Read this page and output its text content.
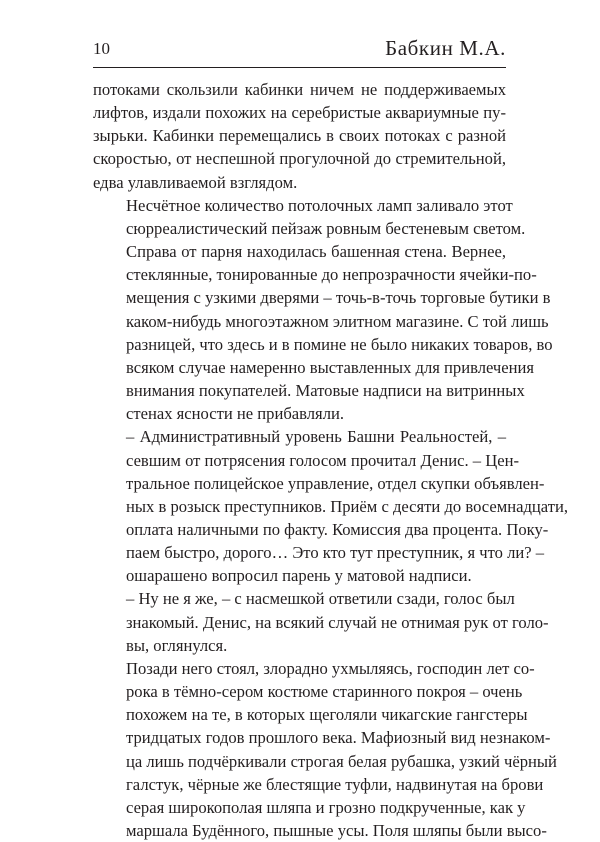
10	Бабкин М.А.

потоками скользили кабинки ничем не поддерживаемых
лифтов, издали похожих на серебристые аквариумные пу-
зырьки. Кабинки перемещались в своих потоках с разной
скоростью, от неспешной прогулочной до стремительной,
едва улавливаемой взглядом.

Несчётное количество потолочных ламп заливало этот
сюрреалистический пейзаж ровным бестеневым светом.

Справа от парня находилась башенная стена. Вернее,
стеклянные, тонированные до непрозрачности ячейки-по-
мещения с узкими дверями – точь-в-точь торговые бутики в
каком-нибудь многоэтажном элитном магазине. С той лишь
разницей, что здесь и в помине не было никаких товаров, во
всяком случае намеренно выставленных для привлечения
внимания покупателей. Матовые надписи на витринных
стенах ясности не прибавляли.

– Административный уровень Башни Реальностей, –
севшим от потрясения голосом прочитал Денис. – Цен-
тральное полицейское управление, отдел скупки объявлен-
ных в розыск преступников. Приём с десяти до восемнадцати,
оплата наличными по факту. Комиссия два процента. Поку-
паем быстро, дорого… Это кто тут преступник, я что ли? –
ошарашено вопросил парень у матовой надписи.

– Ну не я же, – с насмешкой ответили сзади, голос был
знакомый. Денис, на всякий случай не отнимая рук от голо-
вы, оглянулся.

Позади него стоял, злорадно ухмыляясь, господин лет со-
рока в тёмно-сером костюме старинного покроя – очень
похожем на те, в которых щеголяли чикагские гангстеры
тридцатых годов прошлого века. Мафиозный вид незнаком-
ца лишь подчёркивали строгая белая рубашка, узкий чёрный
галстук, чёрные же блестящие туфли, надвинутая на брови
серая широкополая шляпа и грозно подкрученные, как у
маршала Будённого, пышные усы. Поля шляпы были высо-
